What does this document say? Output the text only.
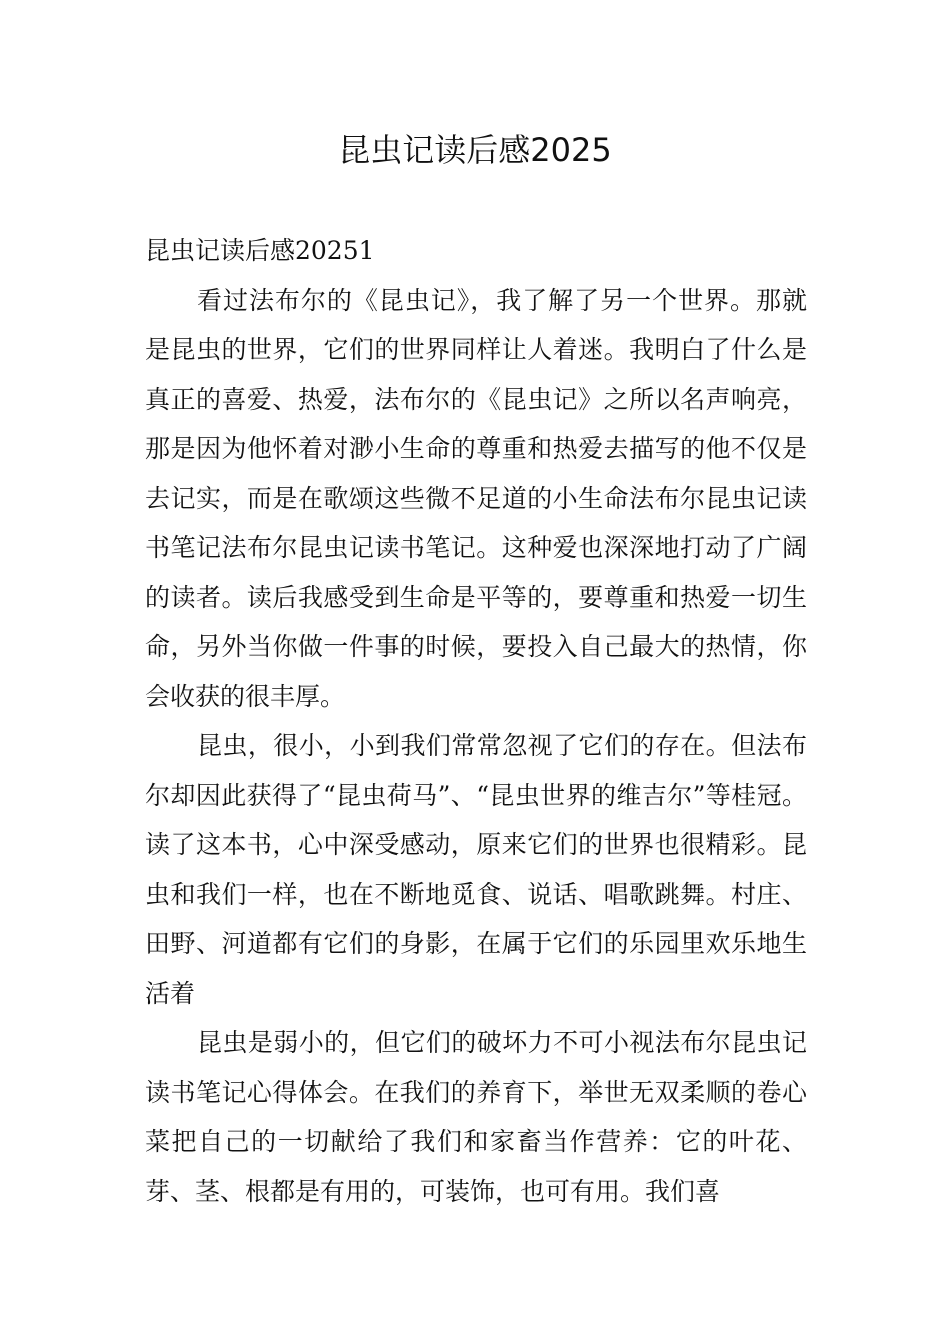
昆虫记读后感2025

昆虫记读后感20251

看过法布尔的《昆虫记》，我了解了另一个世界。那就是昆虫的世界，它们的世界同样让人着迷。我明白了什么是真正的喜爱、热爱，法布尔的《昆虫记》之所以名声响亮，那是因为他怀着对渺小生命的尊重和热爱去描写的他不仅是去记实，而是在歌颂这些微不足道的小生命法布尔昆虫记读书笔记法布尔昆虫记读书笔记。这种爱也深深地打动了广阔的读者。读后我感受到生命是平等的，要尊重和热爱一切生命，另外当你做一件事的时候，要投入自己最大的热情，你会收获的很丰厚。

昆虫，很小，小到我们常常忽视了它们的存在。但法布尔却因此获得了“昆虫荷马”、“昆虫世界的维吉尔”等桂冠。读了这本书，心中深受感动，原来它们的世界也很精彩。昆虫和我们一样，也在不断地觅食、说话、唱歌跳舞。村庄、田野、河道都有它们的身影，在属于它们的乐园里欢乐地生活着

昆虫是弱小的，但它们的破坏力不可小视法布尔昆虫记读书笔记心得体会。在我们的养育下，举世无双柔顺的卷心菜把自己的一切献给了我们和家畜当作营养：它的叶花、芽、茎、根都是有用的，可装饰，也可有用。我们喜
